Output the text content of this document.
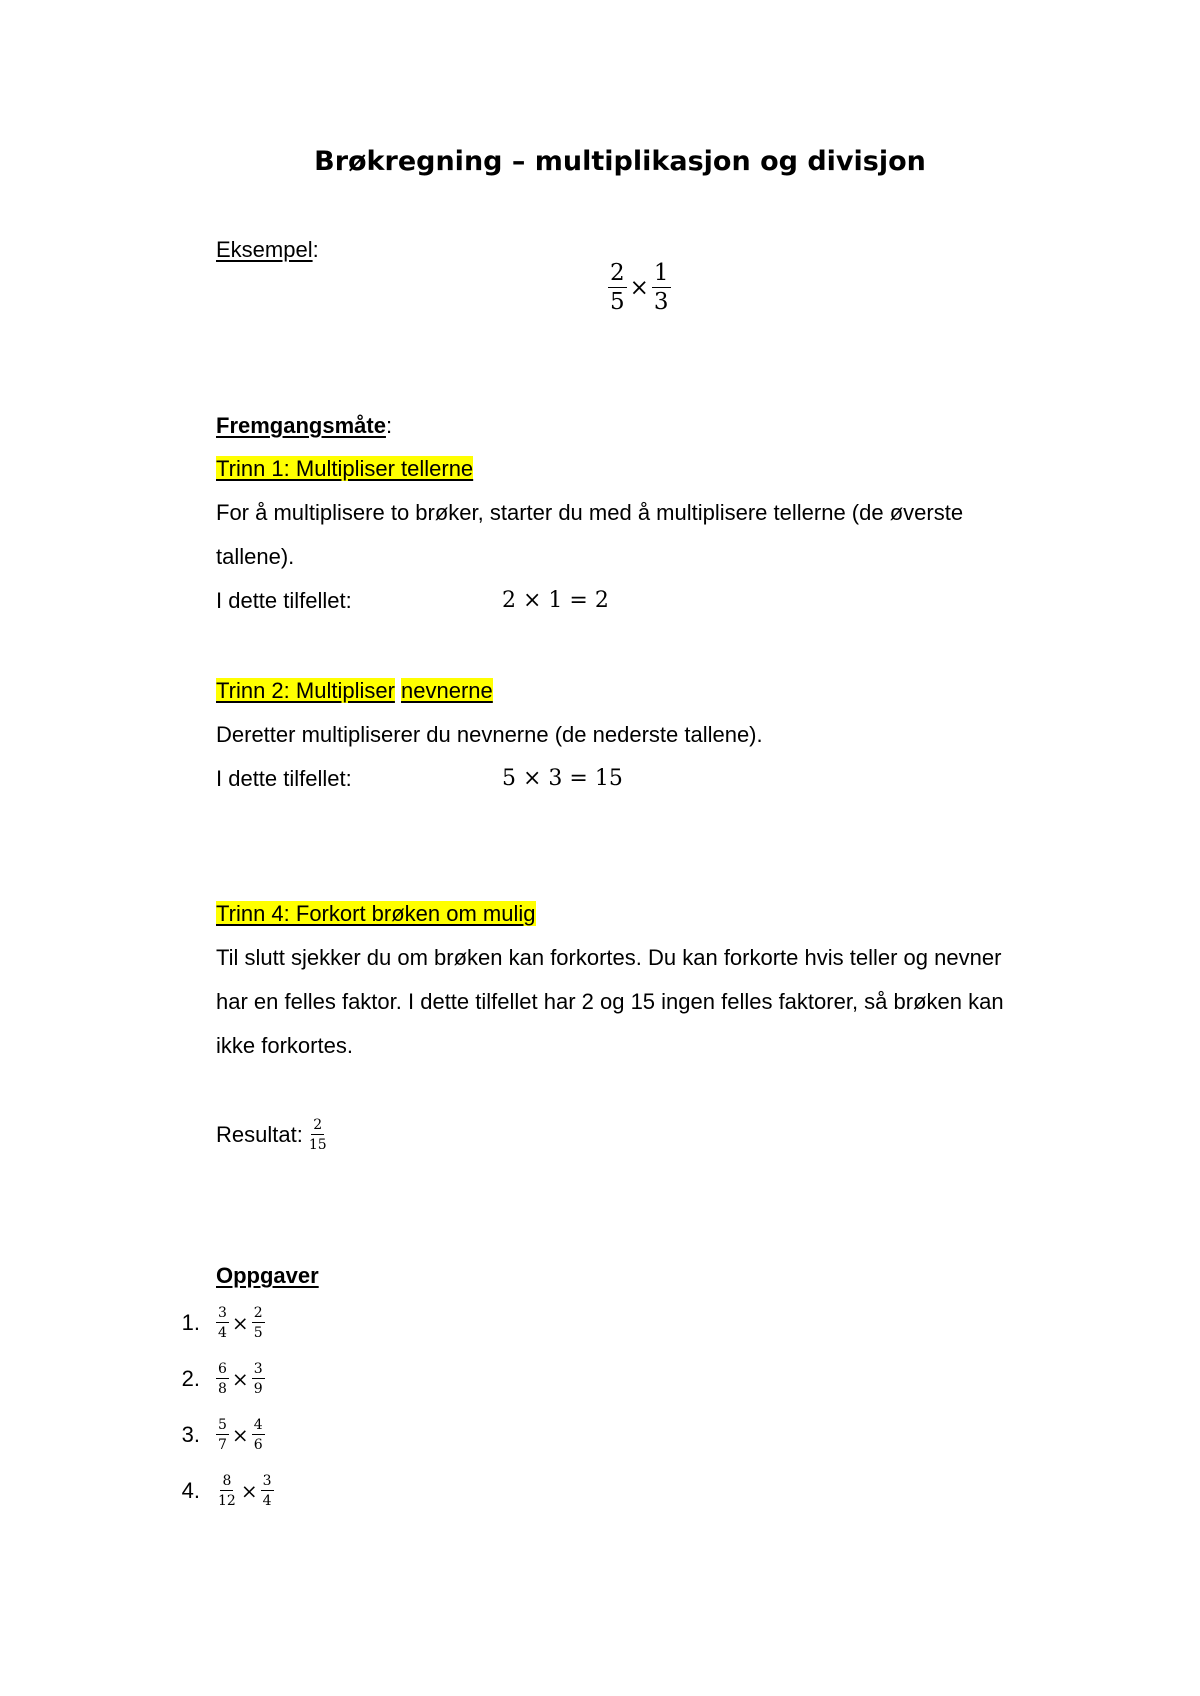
Brøkregning – multiplikasjon og divisjon
Eksempel:
$\frac{2}{5} \times \frac{1}{3}$
Fremgangsmåte:
Trinn 1: Multipliser tellerne
For å multiplisere to brøker, starter du med å multiplisere tellerne (de øverste
tallene).
I dette tilfellet:	2 × 1 = 2
Trinn 2: Multipliser nevnerne
Deretter multipliserer du nevnerne (de nederste tallene).
I dette tilfellet:	5 × 3 = 15
Trinn 4: Forkort brøken om mulig
Til slutt sjekker du om brøken kan forkortes. Du kan forkorte hvis teller og nevner
har en felles faktor. I dette tilfellet har 2 og 15 ingen felles faktorer, så brøken kan
ikke forkortes.
Resultat: $\frac{2}{15}$
Oppgaver
1. $\frac{3}{4} \times \frac{2}{5}$
2. $\frac{6}{8} \times \frac{3}{9}$
3. $\frac{5}{7} \times \frac{4}{6}$
4. $\frac{8}{12} \times \frac{3}{4}$
